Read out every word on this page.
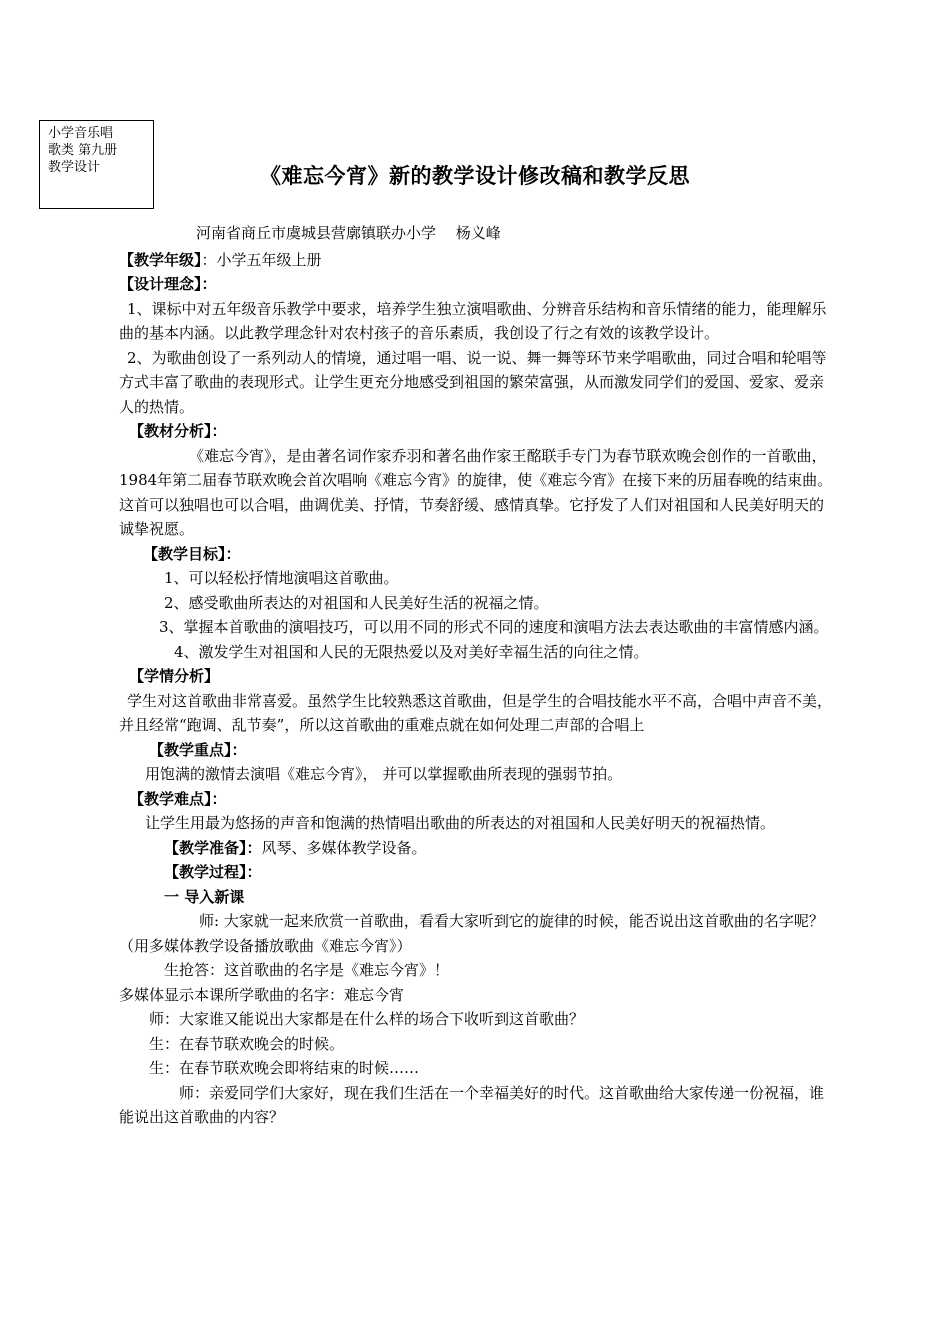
小学音乐唱
歌类 第九册
教学设计	《难忘今宵》新的教学设计修改稿和教学反思

河南省商丘市虞城县营廓镇联办小学　 杨义峰

【教学年级】：小学五年级上册

【设计理念】：

1、课标中对五年级音乐教学中要求，培养学生独立演唱歌曲、分辨音乐结构和音乐情绪的能力，能理解乐曲的基本内涵。以此教学理念针对农村孩子的音乐素质，我创设了行之有效的该教学设计。

2、为歌曲创设了一系列动人的情境，通过唱一唱、说一说、舞一舞等环节来学唱歌曲，同过合唱和轮唱等方式丰富了歌曲的表现形式。让学生更充分地感受到祖国的繁荣富强，从而激发同学们的爱国、爱家、爱亲人的热情。

【教材分析】：

《难忘今宵》，是由著名词作家乔羽和著名曲作家王酩联手专门为春节联欢晚会创作的一首歌曲，1984年第二届春节联欢晚会首次唱响《难忘今宵》的旋律，使《难忘今宵》在接下来的历届春晚的结束曲。这首可以独唱也可以合唱，曲调优美、抒情，节奏舒缓、感情真挚。它抒发了人们对祖国和人民美好明天的诚挚祝愿。

【教学目标】：

1、可以轻松抒情地演唱这首歌曲。

2、感受歌曲所表达的对祖国和人民美好生活的祝福之情。

3、掌握本首歌曲的演唱技巧，可以用不同的形式不同的速度和演唱方法去表达歌曲的丰富情感内涵。

4、激发学生对祖国和人民的无限热爱以及对美好幸福生活的向往之情。

【学情分析】

学生对这首歌曲非常喜爱。虽然学生比较熟悉这首歌曲，但是学生的合唱技能水平不高，合唱中声音不美，并且经常“跑调、乱节奏”，所以这首歌曲的重难点就在如何处理二声部的合唱上

【教学重点】：

用饱满的激情去演唱《难忘今宵》， 并可以掌握歌曲所表现的强弱节拍。

【教学难点】：

让学生用最为悠扬的声音和饱满的热情唱出歌曲的所表达的对祖国和人民美好明天的祝福热情。

【教学准备】：风琴、多媒体教学设备。

【教学过程】：

一 导入新课

师: 大家就一起来欣赏一首歌曲，看看大家听到它的旋律的时候，能否说出这首歌曲的名字呢？（用多媒体教学设备播放歌曲《难忘今宵》）

生抢答：这首歌曲的名字是《难忘今宵》！

多媒体显示本课所学歌曲的名字：难忘今宵

师：大家谁又能说出大家都是在什么样的场合下收听到这首歌曲？

生：在春节联欢晚会的时候。

生：在春节联欢晚会即将结束的时候……

师：亲爱同学们大家好，现在我们生活在一个幸福美好的时代。这首歌曲给大家传递一份祝福，谁能说出这首歌曲的内容？
